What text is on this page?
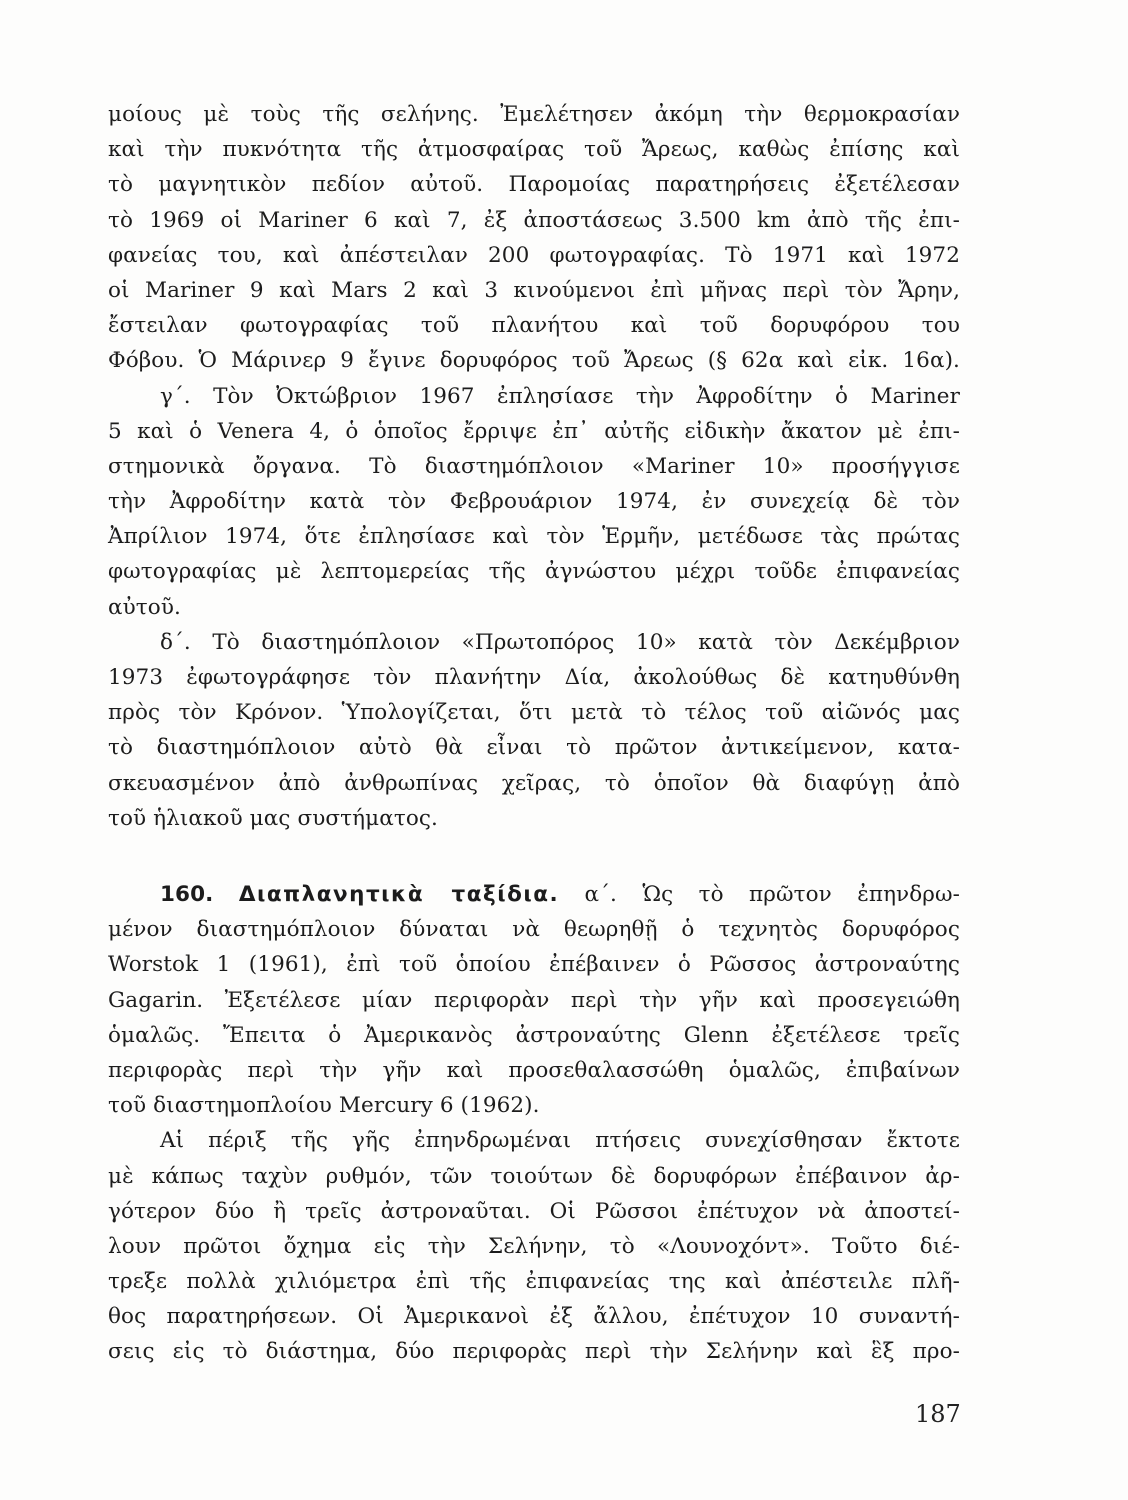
μοίους μὲ τοὺς τῆς σελήνης. Ἐμελέτησεν ἀκόμη τὴν θερμοκρασίαν
καὶ τὴν πυκνότητα τῆς ἀτμοσφαίρας τοῦ Ἄρεως, καθὼς ἐπίσης καὶ
τὸ μαγνητικὸν πεδίον αὐτοῦ. Παρομοίας παρατηρήσεις ἐξετέλεσαν
τὸ 1969 οἱ Mariner 6 καὶ 7, ἐξ ἀποστάσεως 3.500 km ἀπὸ τῆς ἐπι-
φανείας του, καὶ ἀπέστειλαν 200 φωτογραφίας. Τὸ 1971 καὶ 1972
οἱ Mariner 9 καὶ Mars 2 καὶ 3 κινούμενοι ἐπὶ μῆνας περὶ τὸν Ἄρην,
ἔστειλαν φωτογραφίας τοῦ πλανήτου καὶ τοῦ δορυφόρου του
Φόβου. Ὁ Μάρινερ 9 ἔγινε δορυφόρος τοῦ Ἄρεως (§ 62α καὶ εἰκ. 16α).
γ΄. Τὸν Ὀκτώβριον 1967 ἐπλησίασε τὴν Ἀφροδίτην ὁ Mariner
5 καὶ ὁ Venera 4, ὁ ὁποῖος ἔρριψε ἐπ᾽ αὐτῆς εἰδικὴν ἄκατον μὲ ἐπι-
στημονικὰ ὄργανα. Τὸ διαστημόπλοιον «Mariner 10» προσήγγισε
τὴν Ἀφροδίτην κατὰ τὸν Φεβρουάριον 1974, ἐν συνεχείᾳ δὲ τὸν
Ἀπρίλιον 1974, ὅτε ἐπλησίασε καὶ τὸν Ἑρμῆν, μετέδωσε τὰς πρώτας
φωτογραφίας μὲ λεπτομερείας τῆς ἀγνώστου μέχρι τοῦδε ἐπιφανείας
αὐτοῦ.
δ΄. Τὸ διαστημόπλοιον «Πρωτοπόρος 10» κατὰ τὸν Δεκέμβριον
1973 ἐφωτογράφησε τὸν πλανήτην Δία, ἀκολούθως δὲ κατηυθύνθη
πρὸς τὸν Κρόνον. Ὑπολογίζεται, ὅτι μετὰ τὸ τέλος τοῦ αἰῶνός μας
τὸ διαστημόπλοιον αὐτὸ θὰ εἶναι τὸ πρῶτον ἀντικείμενον, κατα-
σκευασμένον ἀπὸ ἀνθρωπίνας χεῖρας, τὸ ὁποῖον θὰ διαφύγῃ ἀπὸ
τοῦ ἡλιακοῦ μας συστήματος.
160. Διαπλανητικὰ ταξίδια. α΄. Ὡς τὸ πρῶτον ἐπηνδρω-
μένον διαστημόπλοιον δύναται νὰ θεωρηθῇ ὁ τεχνητὸς δορυφόρος
Worstok 1 (1961), ἐπὶ τοῦ ὁποίου ἐπέβαινεν ὁ Ρῶσσος ἀστροναύτης
Gagarin. Ἐξετέλεσε μίαν περιφορὰν περὶ τὴν γῆν καὶ προσεγειώθη
ὁμαλῶς. Ἔπειτα ὁ Ἀμερικανὸς ἀστροναύτης Glenn ἐξετέλεσε τρεῖς
περιφορὰς περὶ τὴν γῆν καὶ προσεθαλασσώθη ὁμαλῶς, ἐπιβαίνων
τοῦ διαστημοπλοίου Mercury 6 (1962).
Αἱ πέριξ τῆς γῆς ἐπηνδρωμέναι πτήσεις συνεχίσθησαν ἔκτοτε
μὲ κάπως ταχὺν ρυθμόν, τῶν τοιούτων δὲ δορυφόρων ἐπέβαινον ἀρ-
γότερον δύο ἢ τρεῖς ἀστροναῦται. Οἱ Ρῶσσοι ἐπέτυχον νὰ ἀποστεί-
λουν πρῶτοι ὄχημα εἰς τὴν Σελήνην, τὸ «Λουνοχόντ». Τοῦτο διέ-
τρεξε πολλὰ χιλιόμετρα ἐπὶ τῆς ἐπιφανείας της καὶ ἀπέστειλε πλῆ-
θος παρατηρήσεων. Οἱ Ἀμερικανοὶ ἐξ ἄλλου, ἐπέτυχον 10 συναντή-
σεις εἰς τὸ διάστημα, δύο περιφορὰς περὶ τὴν Σελήνην καὶ ἓξ προ-
187
